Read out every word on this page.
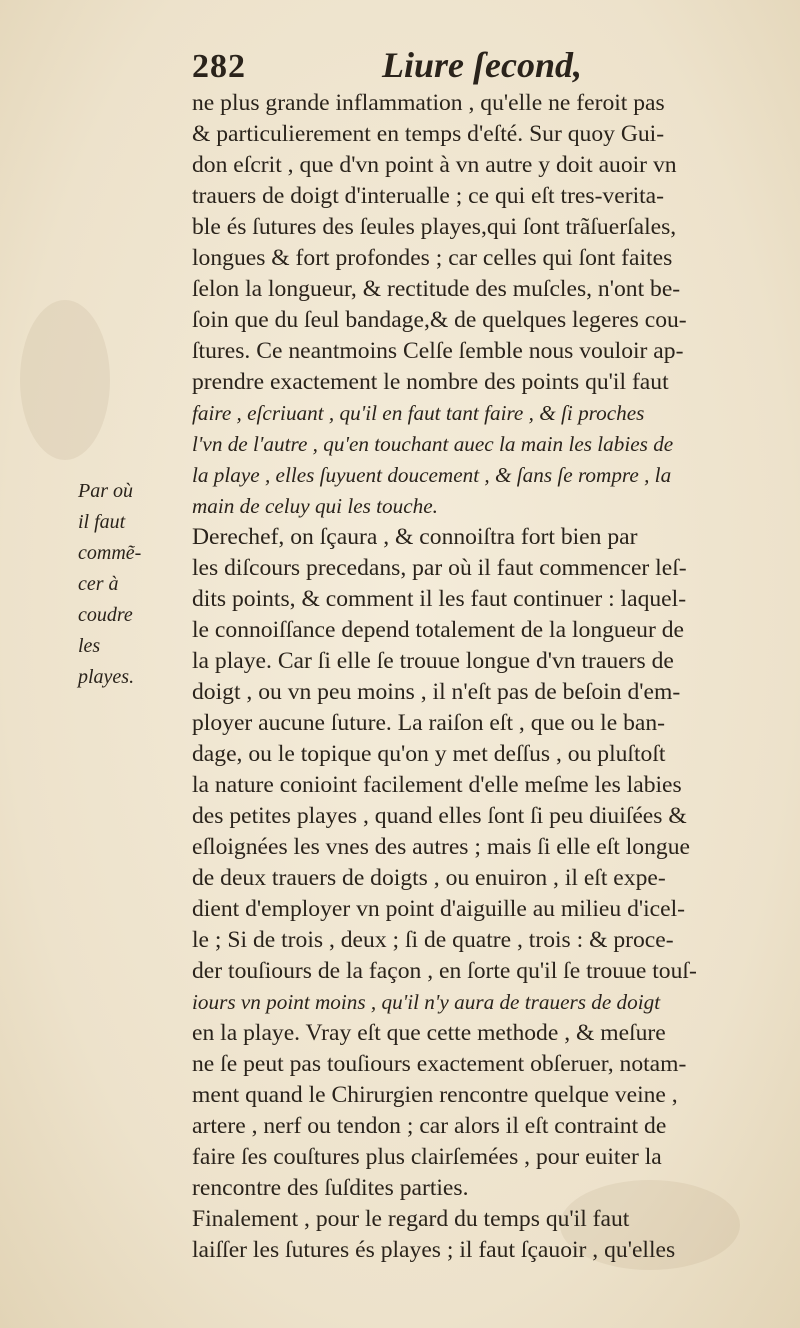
282	Liure ſecond,
Par où
il faut
commẽ-
cer à
coudre
les
playes.
ne plus grande inflammation , qu'elle ne feroit pas
& particulierement en temps d'eſté. Sur quoy Gui-
don eſcrit , que d'vn point à vn autre y doit auoir vn
trauers de doigt d'interualle ; ce qui eſt tres-verita-
ble és ſutures des ſeules playes,qui ſont trãſuerſales,
longues & fort profondes ; car celles qui ſont faites
ſelon la longueur, & rectitude des muſcles, n'ont be-
ſoin que du ſeul bandage,& de quelques legeres cou-
ſtures. Ce neantmoins Celſe ſemble nous vouloir ap-
prendre exactement le nombre des points qu'il faut
faire , eſcriuant , qu'il en faut tant faire , & ſi proches
l'vn de l'autre , qu'en touchant auec la main les labies de
la playe , elles ſuyuent doucement , & ſans ſe rompre , la
main de celuy qui les touche.
Derechef, on ſçaura , & connoiſtra fort bien par
les diſcours precedans, par où il faut commencer leſ-
dits points, & comment il les faut continuer : laquel-
le connoiſſance depend totalement de la longueur de
la playe. Car ſi elle ſe trouue longue d'vn trauers de
doigt , ou vn peu moins , il n'eſt pas de beſoin d'em-
ployer aucune ſuture. La raiſon eſt , que ou le ban-
dage, ou le topique qu'on y met deſſus , ou pluſtoſt
la nature conioint facilement d'elle meſme les labies
des petites playes , quand elles ſont ſi peu diuiſées &
eſloignées les vnes des autres ; mais ſi elle eſt longue
de deux trauers de doigts , ou enuiron , il eſt expe-
dient d'employer vn point d'aiguille au milieu d'icel-
le ; Si de trois , deux ; ſi de quatre , trois : & proce-
der touſiours de la façon , en ſorte qu'il ſe trouue touſ-
iours vn point moins , qu'il n'y aura de trauers de doigt
en la playe. Vray eſt que cette methode , & meſure
ne ſe peut pas touſiours exactement obſeruer, notam-
ment quand le Chirurgien rencontre quelque veine ,
artere , nerf ou tendon ; car alors il eſt contraint de
faire ſes couſtures plus clairſemées , pour euiter la
rencontre des ſuſdites parties.
Finalement , pour le regard du temps qu'il faut
laiſſer les ſutures és playes ; il faut ſçauoir , qu'elles
